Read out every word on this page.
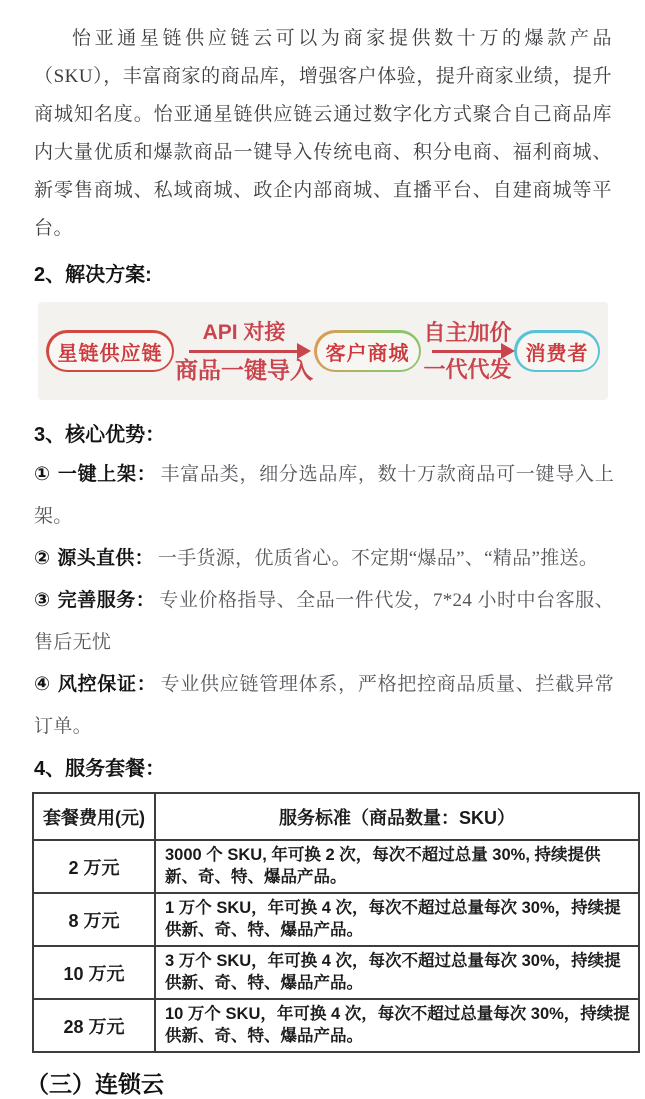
怡亚通星链供应链云可以为商家提供数十万的爆款产品（SKU），丰富商家的商品库，增强客户体验，提升商家业绩，提升商城知名度。怡亚通星链供应链云通过数字化方式聚合自己商品库内大量优质和爆款商品一键导入传统电商、积分电商、福利商城、新零售商城、私域商城、政企内部商城、直播平台、自建商城等平台。

2、解决方案:
星链供应链
API 对接
商品一键导入
客户商城
自主加价
一代代发
消费者
3、核心优势：

① 一键上架： 丰富品类，细分选品库，数十万款商品可一键导入上架。

② 源头直供： 一手货源，优质省心。不定期“爆品”、“精品”推送。

③ 完善服务： 专业价格指导、全品一件代发，7*24 小时中台客服、售后无忧

④ 风控保证： 专业供应链管理体系，严格把控商品质量、拦截异常订单。

4、服务套餐：
套餐费用(元)	服务标准（商品数量：SKU）
2 万元	3000 个 SKU, 年可换 2 次，每次不超过总量 30%, 持续提供新、奇、特、爆品产品。
8 万元	1 万个 SKU，年可换 4 次，每次不超过总量每次 30%，持续提供新、奇、特、爆品产品。
10 万元	3 万个 SKU，年可换 4 次，每次不超过总量每次 30%，持续提供新、奇、特、爆品产品。
28 万元	10 万个 SKU，年可换 4 次，每次不超过总量每次 30%，持续提供新、奇、特、爆品产品。
（三）连锁云
